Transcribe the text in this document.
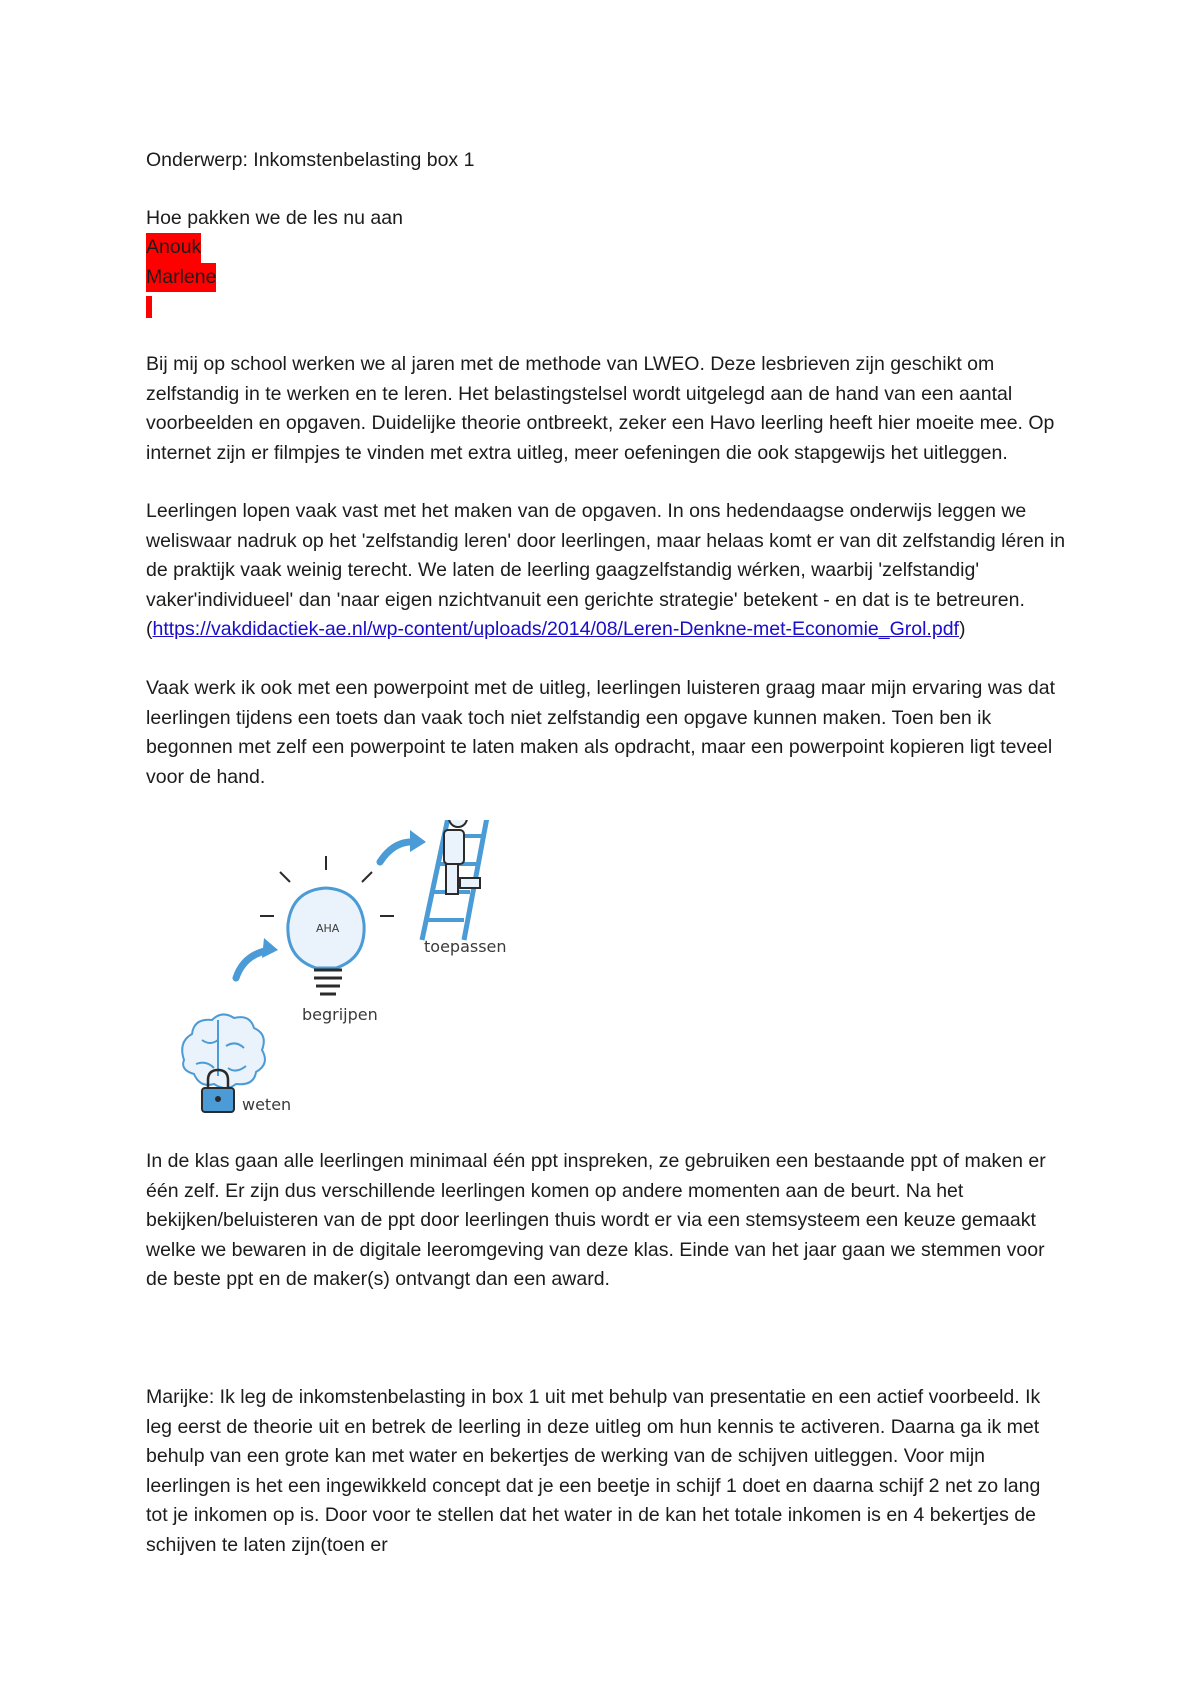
Onderwerp: Inkomstenbelasting box 1

Hoe pakken we de les nu aan

Anouk
Marlene

Bij mij op school werken we al jaren met de methode van LWEO. Deze lesbrieven zijn geschikt om zelfstandig in te werken en te leren. Het belastingstelsel wordt uitgelegd aan de hand van een aantal voorbeelden en opgaven. Duidelijke theorie ontbreekt, zeker een Havo leerling heeft hier moeite mee. Op internet zijn er filmpjes te vinden met extra uitleg, meer oefeningen die ook stapgewijs het uitleggen.

Leerlingen lopen vaak vast met het maken van de opgaven. In ons hedendaagse onderwijs leggen we weliswaar nadruk op het 'zelfstandig leren' door leerlingen, maar helaas komt er van dit zelfstandig léren in de praktijk vaak weinig terecht. We laten de leerling gaagzelfstandig wérken, waarbij 'zelfstandig' vaker'individueel' dan 'naar eigen nzichtvanuit een gerichte strategie' betekent - en dat is te betreuren. (https://vakdidactiek-ae.nl/wp-content/uploads/2014/08/Leren-Denkne-met-Economie_Grol.pdf)

Vaak werk ik ook met een powerpoint met de uitleg, leerlingen luisteren graag maar mijn ervaring was dat leerlingen tijdens een toets dan vaak toch niet zelfstandig een opgave kunnen maken. Toen ben ik begonnen met zelf een powerpoint te laten maken als opdracht, maar een powerpoint kopieren ligt teveel voor de hand.

weten
AHA
begrijpen
toepassen

In de klas gaan alle leerlingen minimaal één ppt inspreken, ze gebruiken een bestaande ppt of maken er één zelf. Er zijn dus verschillende leerlingen komen op andere momenten aan de beurt. Na het bekijken/beluisteren van de ppt door leerlingen thuis wordt er via een stemsysteem een keuze gemaakt welke we bewaren in de digitale leeromgeving van deze klas. Einde van het jaar gaan we stemmen voor de beste ppt en de maker(s) ontvangt dan een award.

Marijke: Ik leg de inkomstenbelasting in box 1 uit met behulp van presentatie en een actief voorbeeld. Ik leg eerst de theorie uit en betrek de leerling in deze uitleg om hun kennis te activeren. Daarna ga ik met behulp van een grote kan met water en bekertjes de werking van de schijven uitleggen. Voor mijn leerlingen is het een ingewikkeld concept dat je een beetje in schijf 1 doet en daarna schijf 2 net zo lang tot je inkomen op is. Door voor te stellen dat het water in de kan het totale inkomen is en 4 bekertjes de schijven te laten zijn(toen er
